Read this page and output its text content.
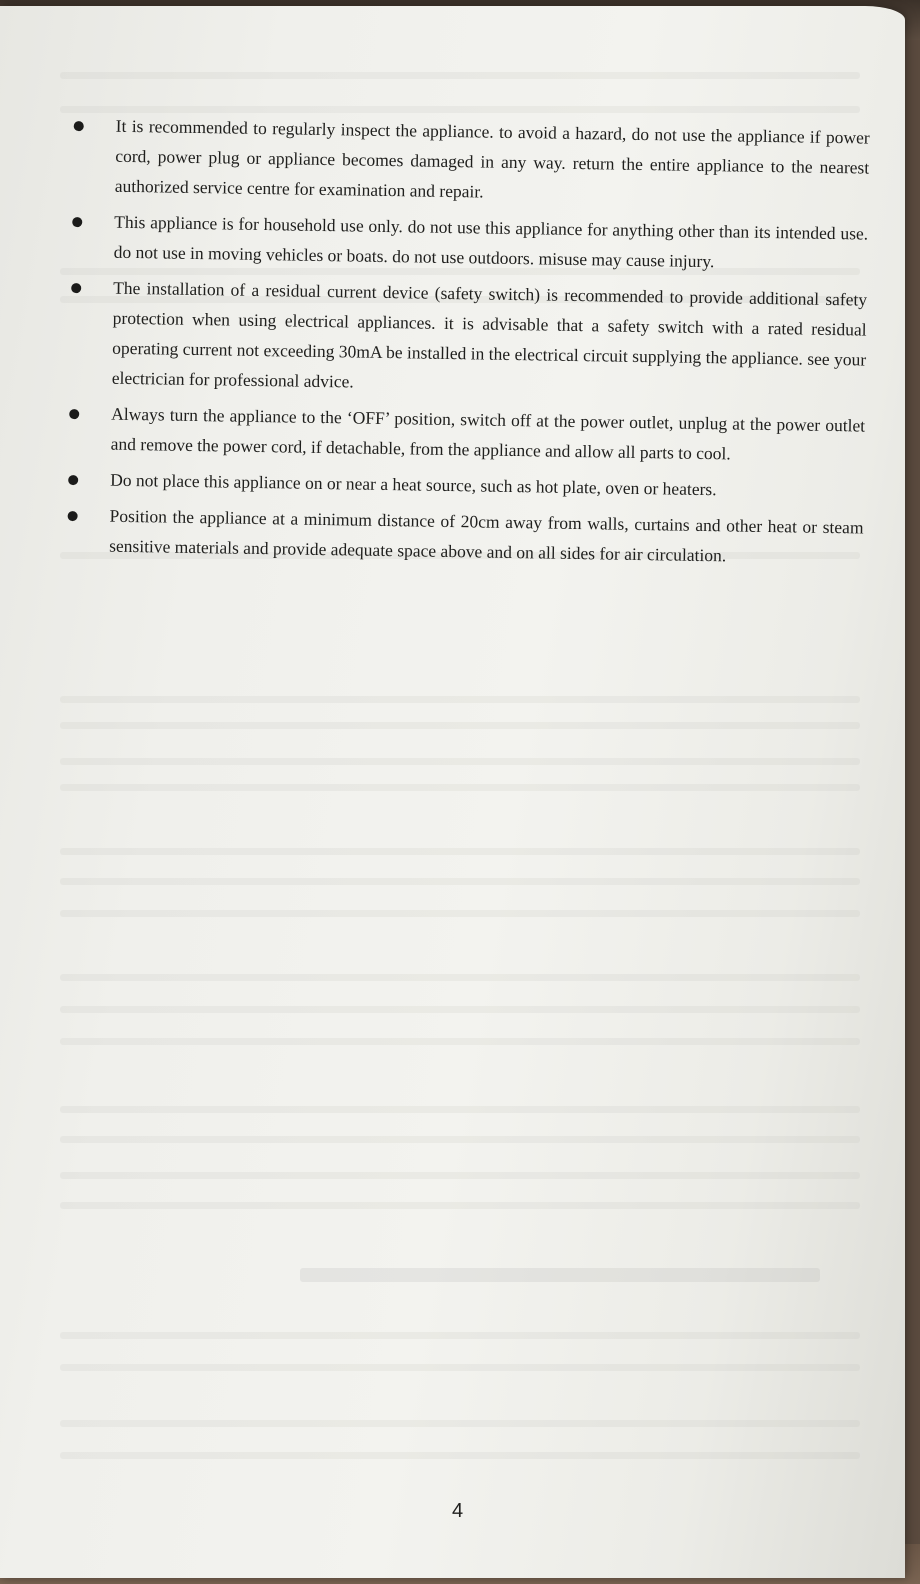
It is recommended to regularly inspect the appliance. to avoid a hazard, do not use the appliance if power cord, power plug or appliance becomes damaged in any way. return the entire appliance to the nearest authorized service centre for examination and repair.
This appliance is for household use only. do not use this appliance for anything other than its intended use. do not use in moving vehicles or boats. do not use outdoors. misuse may cause injury.
The installation of a residual current device (safety switch) is recommended to provide additional safety protection when using electrical appliances. it is advisable that a safety switch with a rated residual operating current not exceeding 30mA be installed in the electrical circuit supplying the appliance. see your electrician for professional advice.
Always turn the appliance to the ‘OFF’ position, switch off at the power outlet, unplug at the power outlet and remove the power cord, if detachable, from the appliance and allow all parts to cool.
Do not place this appliance on or near a heat source, such as hot plate, oven or heaters.
Position the appliance at a minimum distance of 20cm away from walls, curtains and other heat or steam sensitive materials and provide adequate space above and on all sides for air circulation.
4
